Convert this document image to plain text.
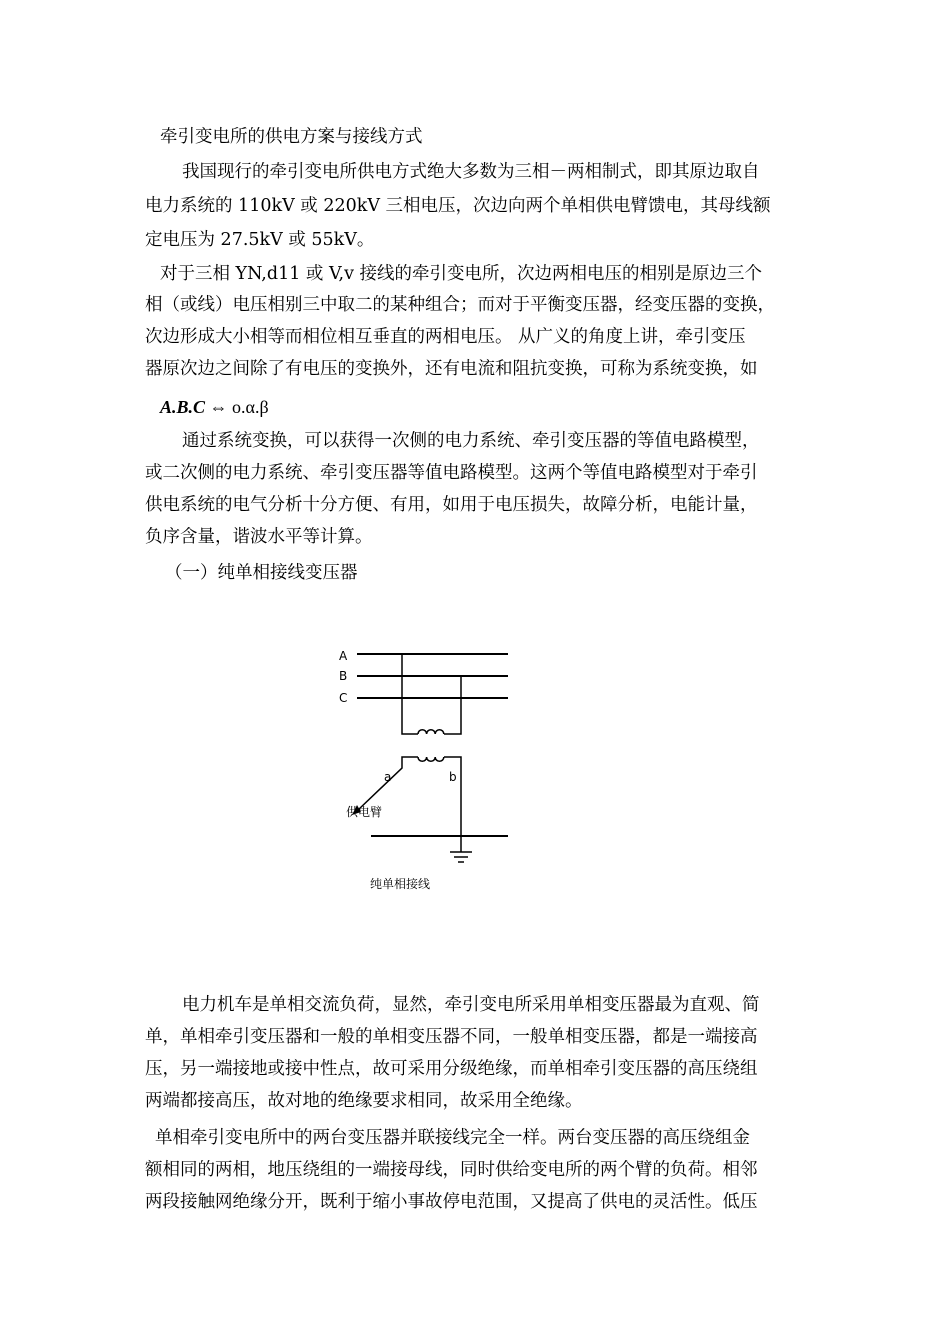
牵引变电所的供电方案与接线方式
我国现行的牵引变电所供电方式绝大多数为三相－两相制式，即其原边取自
电力系统的 110kV 或 220kV 三相电压，次边向两个单相供电臂馈电，其母线额
定电压为 27.5kV 或 55kV。
对于三相 YN,d11 或 V,v 接线的牵引变电所，次边两相电压的相别是原边三个
相（或线）电压相别三中取二的某种组合；而对于平衡变压器，经变压器的变换，
次边形成大小相等而相位相互垂直的两相电压。 从广义的角度上讲，牵引变压
器原次边之间除了有电压的变换外，还有电流和阻抗变换，可称为系统变换，如
A.B.C ⇔ o.α.β
通过系统变换，可以获得一次侧的电力系统、牵引变压器的等值电路模型，
或二次侧的电力系统、牵引变压器等值电路模型。这两个等值电路模型对于牵引
供电系统的电气分析十分方便、有用，如用于电压损失，故障分析，电能计量，
负序含量，谐波水平等计算。
（一）纯单相接线变压器
A
B
C
a	b
供电臂
纯单相接线
电力机车是单相交流负荷，显然，牵引变电所采用单相变压器最为直观、简
单，单相牵引变压器和一般的单相变压器不同，一般单相变压器，都是一端接高
压，另一端接地或接中性点，故可采用分级绝缘，而单相牵引变压器的高压绕组
两端都接高压，故对地的绝缘要求相同，故采用全绝缘。
单相牵引变电所中的两台变压器并联接线完全一样。两台变压器的高压绕组金
额相同的两相，地压绕组的一端接母线，同时供给变电所的两个臂的负荷。相邻
两段接触网绝缘分开，既利于缩小事故停电范围，又提高了供电的灵活性。低压
